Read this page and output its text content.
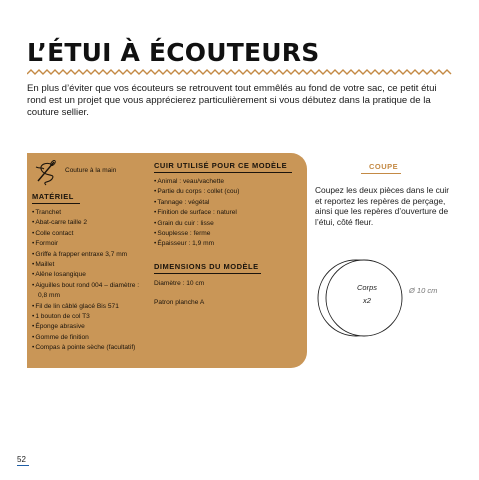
L’ÉTUI À ÉCOUTEURS

En plus d’éviter que vos écouteurs se retrouvent tout emmêlés au fond de votre sac, ce petit étui rond est un projet que vous apprécierez particulièrement si vous débutez dans la pratique de la couture sellier.

Couture à la main
MATÉRIEL
• Tranchet
• Abat-carre taille 2
• Colle contact
• Formoir
• Griffe à frapper entraxe 3,7 mm
• Maillet
• Alêne losangique
• Aiguilles bout rond 004 – diamètre :
0,8 mm
• Fil de lin câblé glacé Bis 571
• 1 bouton de col T3
• Éponge abrasive
• Gomme de finition
• Compas à pointe sèche (facultatif)
CUIR UTILISÉ POUR CE MODÈLE
• Animal : veau/vachette
• Partie du corps : collet (cou)
• Tannage : végétal
• Finition de surface : naturel
• Grain du cuir : lisse
• Souplesse : ferme
• Épaisseur : 1,9 mm
DIMENSIONS DU MODÈLE
Diamètre : 10 cm
Patron planche A
COUPE

Coupez les deux pièces dans le cuir et reportez les repères de perçage, ainsi que les repères d’ouverture de l’étui, côté fleur.

Corps
x2
Ø 10 cm
52
